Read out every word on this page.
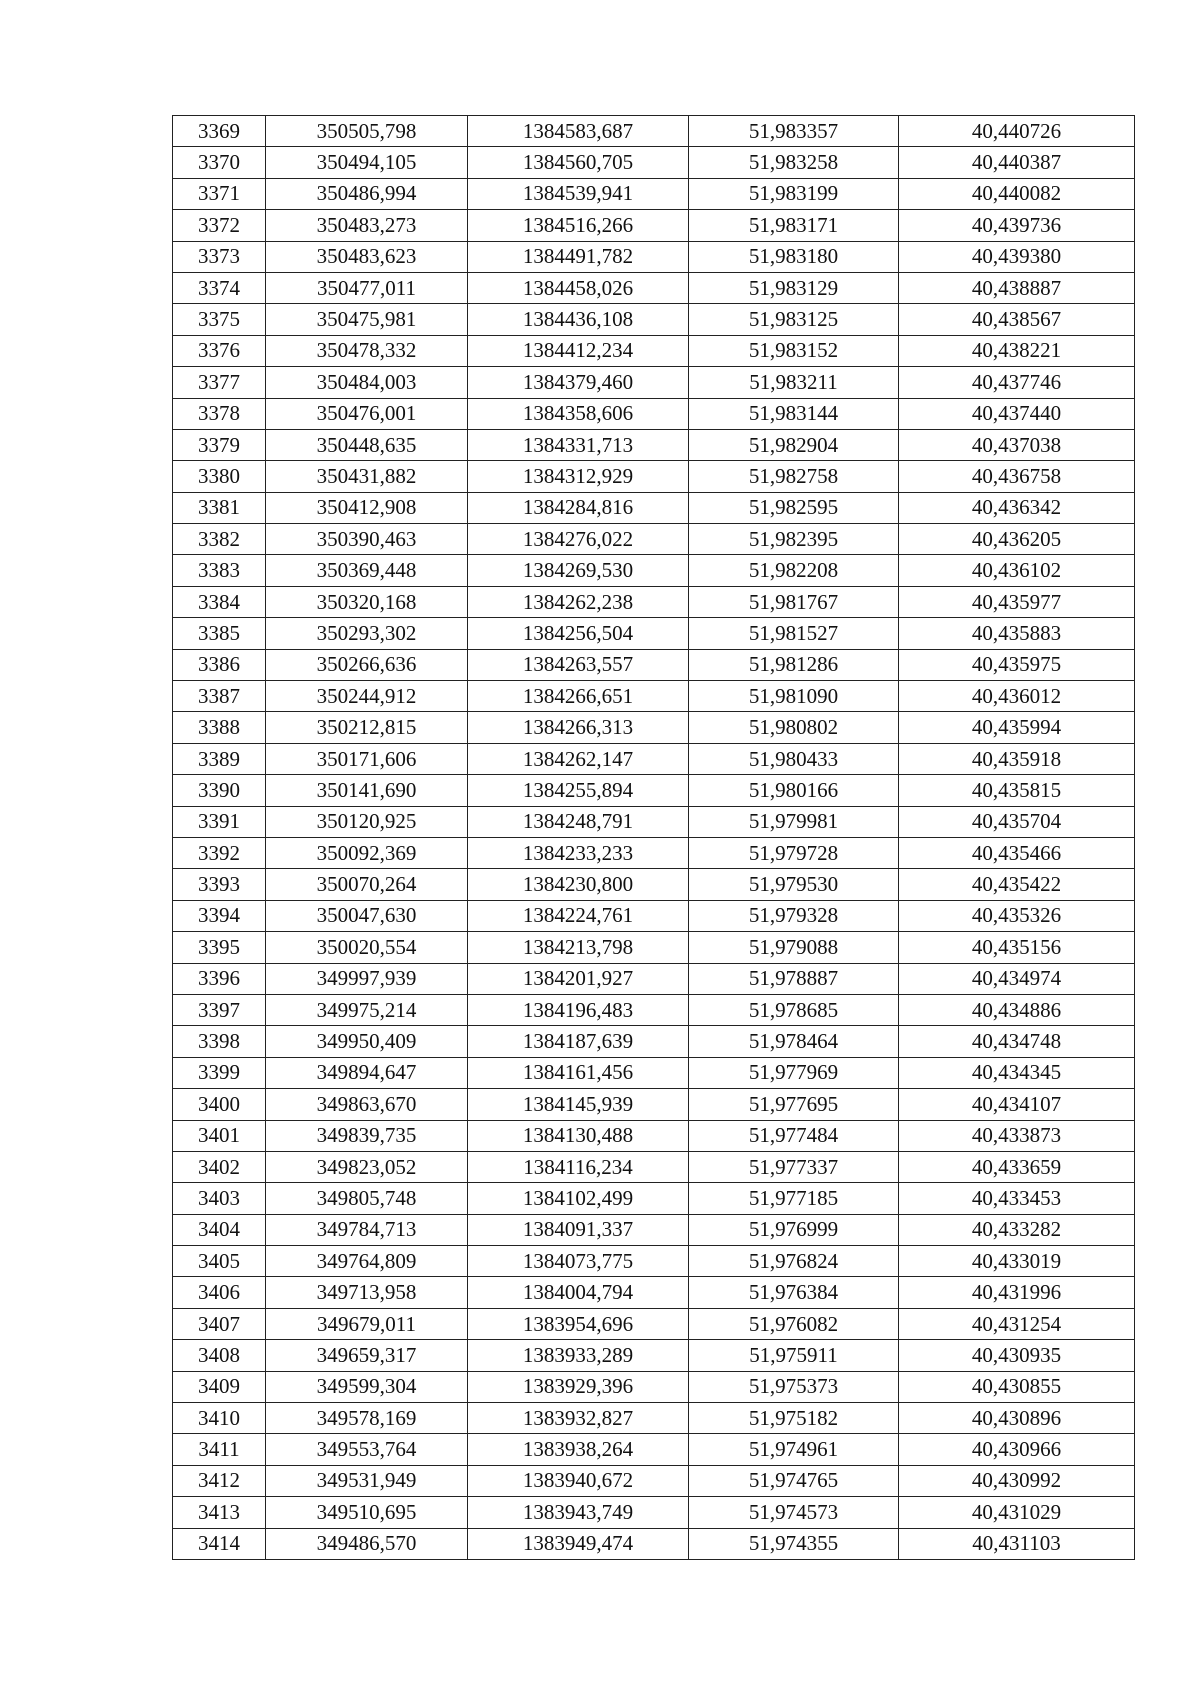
3369	350505,798	1384583,687	51,983357	40,440726
3370	350494,105	1384560,705	51,983258	40,440387
3371	350486,994	1384539,941	51,983199	40,440082
3372	350483,273	1384516,266	51,983171	40,439736
3373	350483,623	1384491,782	51,983180	40,439380
3374	350477,011	1384458,026	51,983129	40,438887
3375	350475,981	1384436,108	51,983125	40,438567
3376	350478,332	1384412,234	51,983152	40,438221
3377	350484,003	1384379,460	51,983211	40,437746
3378	350476,001	1384358,606	51,983144	40,437440
3379	350448,635	1384331,713	51,982904	40,437038
3380	350431,882	1384312,929	51,982758	40,436758
3381	350412,908	1384284,816	51,982595	40,436342
3382	350390,463	1384276,022	51,982395	40,436205
3383	350369,448	1384269,530	51,982208	40,436102
3384	350320,168	1384262,238	51,981767	40,435977
3385	350293,302	1384256,504	51,981527	40,435883
3386	350266,636	1384263,557	51,981286	40,435975
3387	350244,912	1384266,651	51,981090	40,436012
3388	350212,815	1384266,313	51,980802	40,435994
3389	350171,606	1384262,147	51,980433	40,435918
3390	350141,690	1384255,894	51,980166	40,435815
3391	350120,925	1384248,791	51,979981	40,435704
3392	350092,369	1384233,233	51,979728	40,435466
3393	350070,264	1384230,800	51,979530	40,435422
3394	350047,630	1384224,761	51,979328	40,435326
3395	350020,554	1384213,798	51,979088	40,435156
3396	349997,939	1384201,927	51,978887	40,434974
3397	349975,214	1384196,483	51,978685	40,434886
3398	349950,409	1384187,639	51,978464	40,434748
3399	349894,647	1384161,456	51,977969	40,434345
3400	349863,670	1384145,939	51,977695	40,434107
3401	349839,735	1384130,488	51,977484	40,433873
3402	349823,052	1384116,234	51,977337	40,433659
3403	349805,748	1384102,499	51,977185	40,433453
3404	349784,713	1384091,337	51,976999	40,433282
3405	349764,809	1384073,775	51,976824	40,433019
3406	349713,958	1384004,794	51,976384	40,431996
3407	349679,011	1383954,696	51,976082	40,431254
3408	349659,317	1383933,289	51,975911	40,430935
3409	349599,304	1383929,396	51,975373	40,430855
3410	349578,169	1383932,827	51,975182	40,430896
3411	349553,764	1383938,264	51,974961	40,430966
3412	349531,949	1383940,672	51,974765	40,430992
3413	349510,695	1383943,749	51,974573	40,431029
3414	349486,570	1383949,474	51,974355	40,431103
